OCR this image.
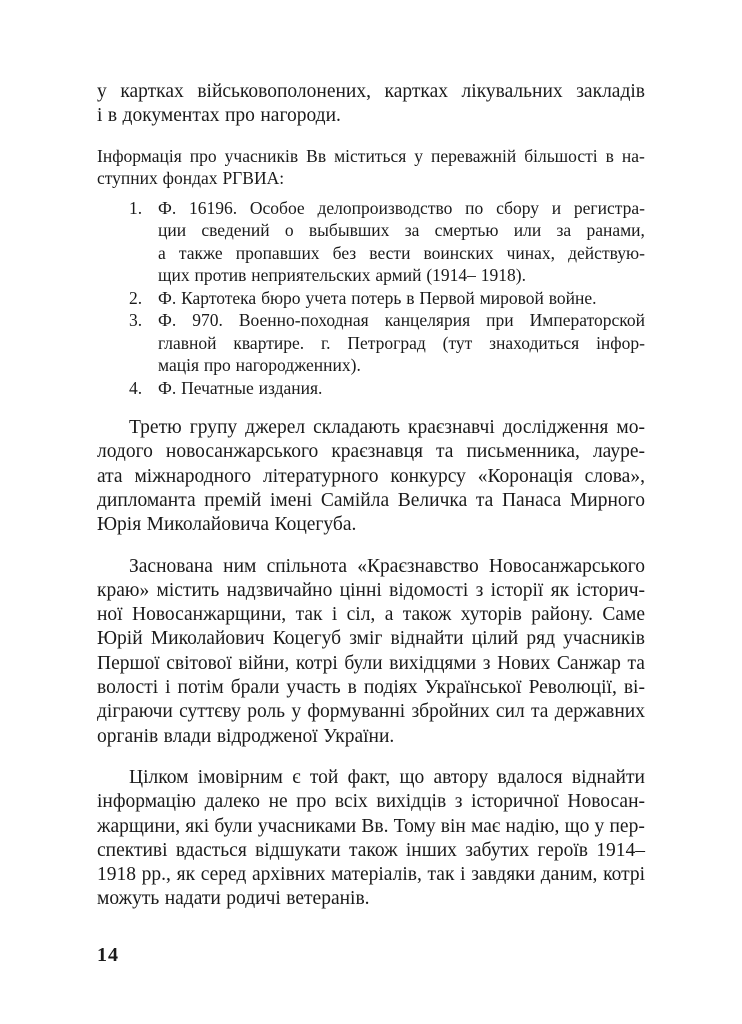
у картках військовополонених, картках лікувальних закладів
і в документах про нагороди.
Інформація про учасників Вв міститься у переважній більшості в на-
ступних фондах РГВИА:
1. Ф. 16196. Особое делопроизводство по сбору и регистра-
ции сведений о выбывших за смертью или за ранами,
а также пропавших без вести воинских чинах, действую-
щих против неприятельских армий (1914– 1918).
2. Ф. Картотека бюро учета потерь в Первой мировой войне.
3. Ф. 970. Военно-походная канцелярия при Императорской
главной квартире. г. Петроград (тут знаходиться інфор-
мація про нагородженних).
4. Ф. Печатные издания.
Третю групу джерел складають краєзнавчі дослідження мо-
лодого новосанжарського краєзнавця та письменника, лауре-
ата міжнародного літературного конкурсу «Коронація слова»,
дипломанта премій імені Самійла Величка та Панаса Мирного
Юрія Миколайовича Коцегуба.
Заснована ним спільнота «Краєзнавство Новосанжарського
краю» містить надзвичайно цінні відомості з історії як історич-
ної Новосанжарщини, так і сіл, а також хуторів району. Саме
Юрій Миколайович Коцегуб зміг віднайти цілий ряд учасників
Першої світової війни, котрі були вихідцями з Нових Санжар та
волості і потім брали участь в подіях Української Революції, ві-
діграючи суттєву роль у формуванні збройних сил та державних
органів влади відродженої України.
Цілком імовірним є той факт, що автору вдалося віднайти
інформацію далеко не про всіх вихідців з історичної Новосан-
жарщини, які були учасниками Вв. Тому він має надію, що у пер-
спективі вдасться відшукати також інших забутих героїв 1914–
1918 рр., як серед архівних матеріалів, так і завдяки даним, котрі
можуть надати родичі ветеранів.
14
